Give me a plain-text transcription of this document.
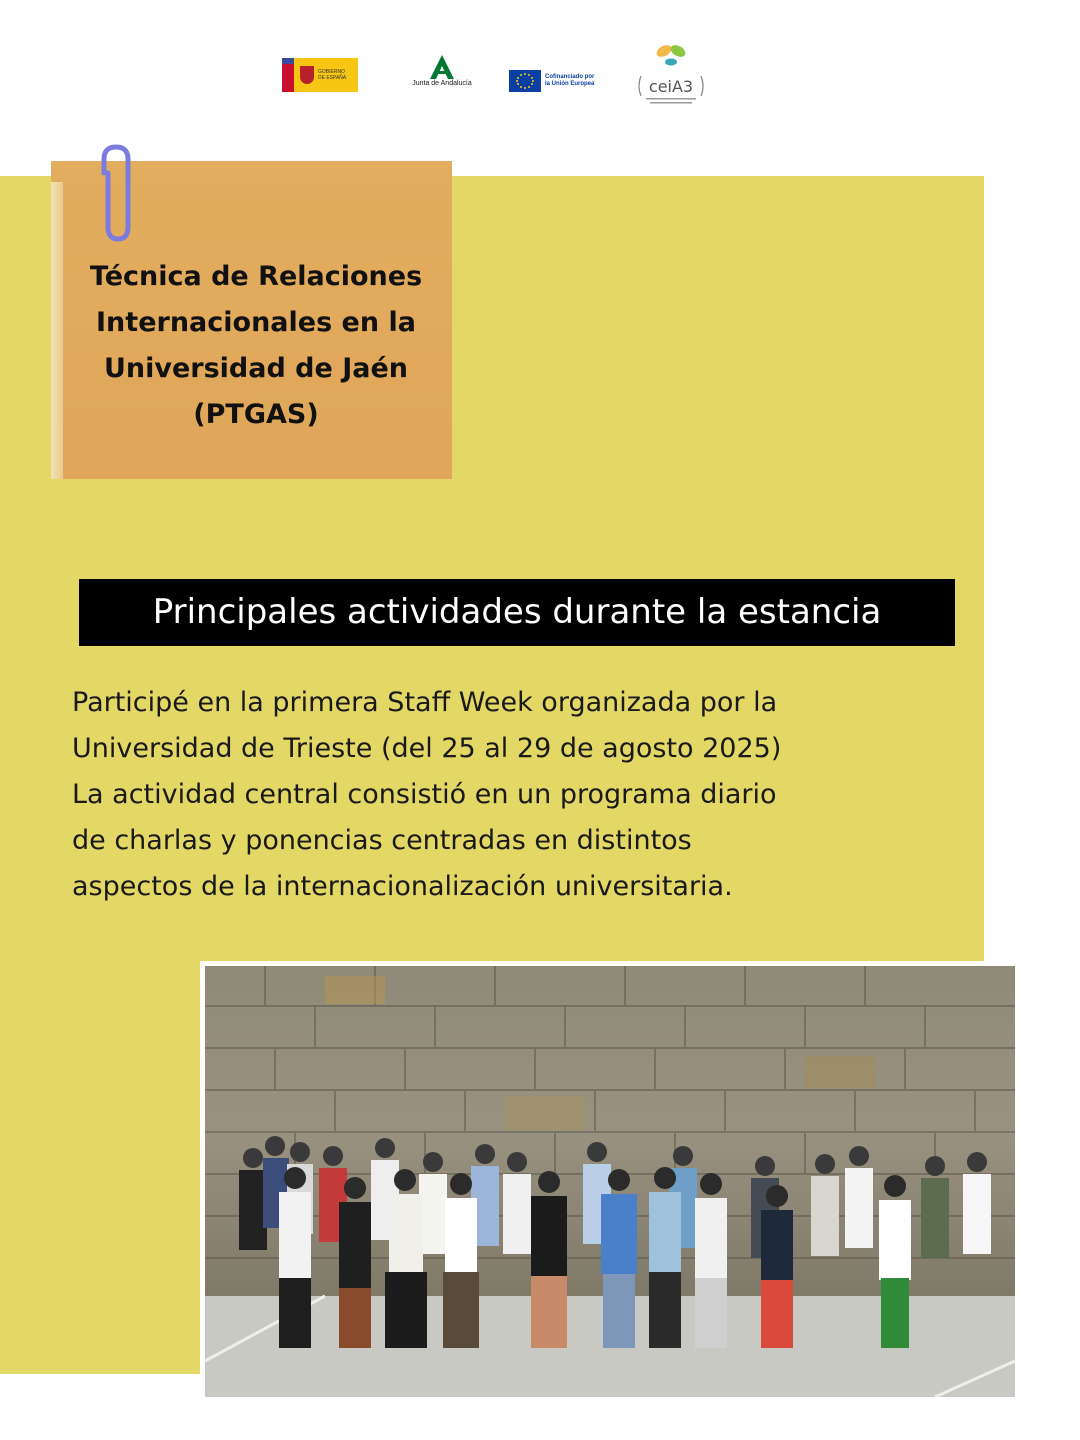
GOBIERNO
DE ESPAÑA
Junta de Andalucía
Cofinanciado por
la Unión Europea	ceiA3
Técnica de Relaciones
Internacionales en la
Universidad de Jaén
(PTGAS)
Principales actividades durante la estancia
Participé en la primera Staff Week organizada por la
Universidad de Trieste (del 25 al 29 de agosto 2025)
La actividad central consistió en un programa diario
de charlas y ponencias centradas en distintos
aspectos de la internacionalización universitaria.
